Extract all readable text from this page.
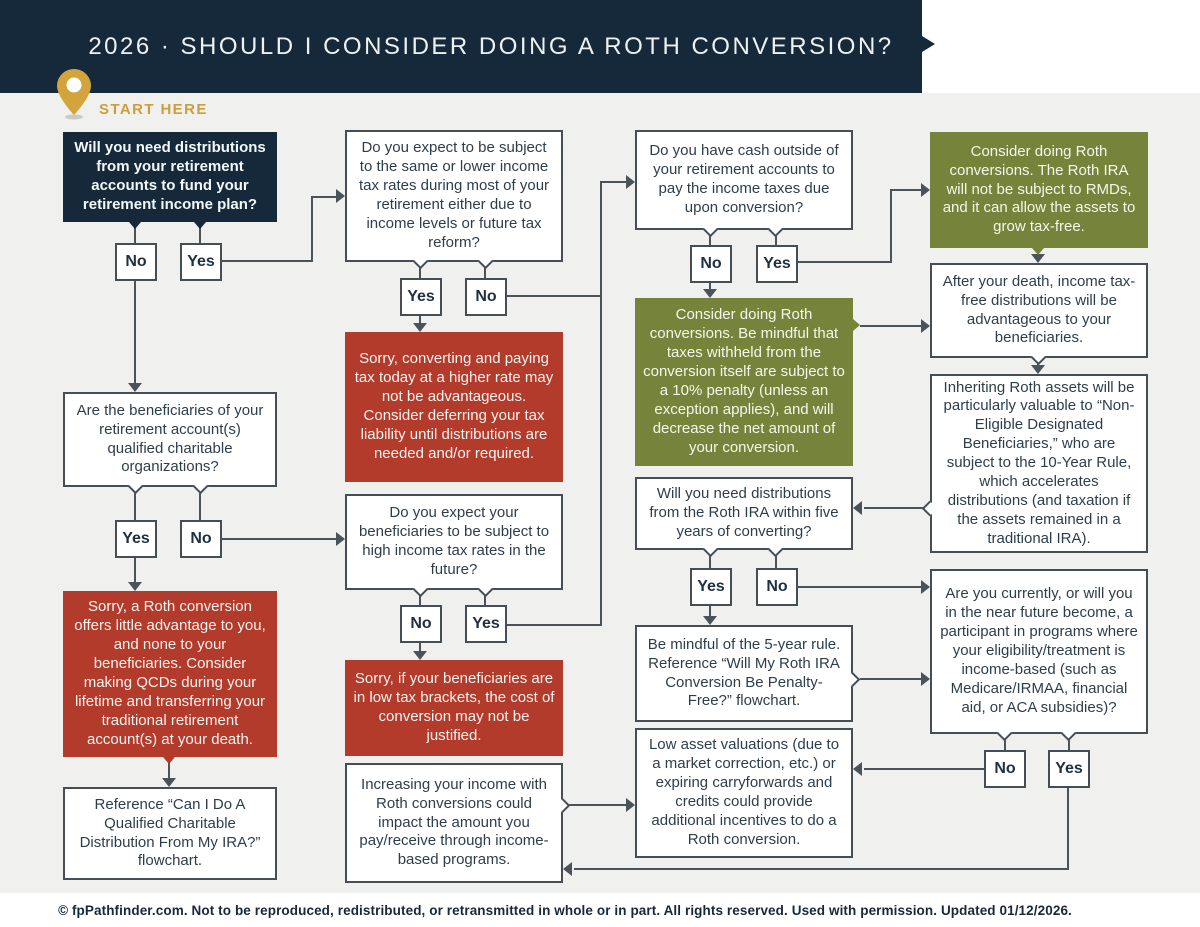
2026 · SHOULD I CONSIDER DOING A ROTH CONVERSION?
START HERE
Will you need distributions from your retirement accounts to fund your retirement income plan?
Are the beneficiaries of your retirement account(s) qualified charitable organizations?
Sorry, a Roth conversion offers little advantage to you, and none to your beneficiaries. Consider making QCDs during your lifetime and transferring your traditional retirement account(s) at your death.
Reference “Can I Do A Qualified Charitable Distribution From My IRA?” flowchart.
Do you expect to be subject to the same or lower income tax rates during most of your retirement either due to income levels or future tax reform?
Sorry, converting and paying tax today at a higher rate may not be advantageous. Consider deferring your tax liability until distributions are needed and/or required.
Do you expect your beneficiaries to be subject to high income tax rates in the future?
Sorry, if your beneficiaries are in low tax brackets, the cost of conversion may not be justified.
Increasing your income with Roth conversions could impact the amount you pay/receive through income-based programs.
Do you have cash outside of your retirement accounts to pay the income taxes due upon conversion?
Consider doing Roth conversions. Be mindful that taxes withheld from the conversion itself are subject to a 10% penalty (unless an exception applies), and will decrease the net amount of your conversion.
Will you need distributions from the Roth IRA within five years of converting?
Be mindful of the 5-year rule. Reference “Will My Roth IRA Conversion Be Penalty-Free?” flowchart.
Low asset valuations (due to a market correction, etc.) or expiring carryforwards and credits could provide additional incentives to do a Roth conversion.
Consider doing Roth conversions. The Roth IRA will not be subject to RMDs, and it can allow the assets to grow tax-free.
After your death, income tax-free distributions will be advantageous to your beneficiaries.
Inheriting Roth assets will be particularly valuable to “Non-Eligible Designated Beneficiaries,” who are subject to the 10-Year Rule, which accelerates distributions (and taxation if the assets remained in a traditional IRA).
Are you currently, or will you in the near future become, a participant in programs where your eligibility/treatment is income-based (such as Medicare/IRMAA, financial aid, or ACA subsidies)?
No	Yes
Yes	No
Yes	No
No	Yes
No	Yes
Yes	No
No	Yes

© fpPathfinder.com. Not to be reproduced, redistributed, or retransmitted in whole or in part. All rights reserved. Used with permission. Updated 01/12/2026.
